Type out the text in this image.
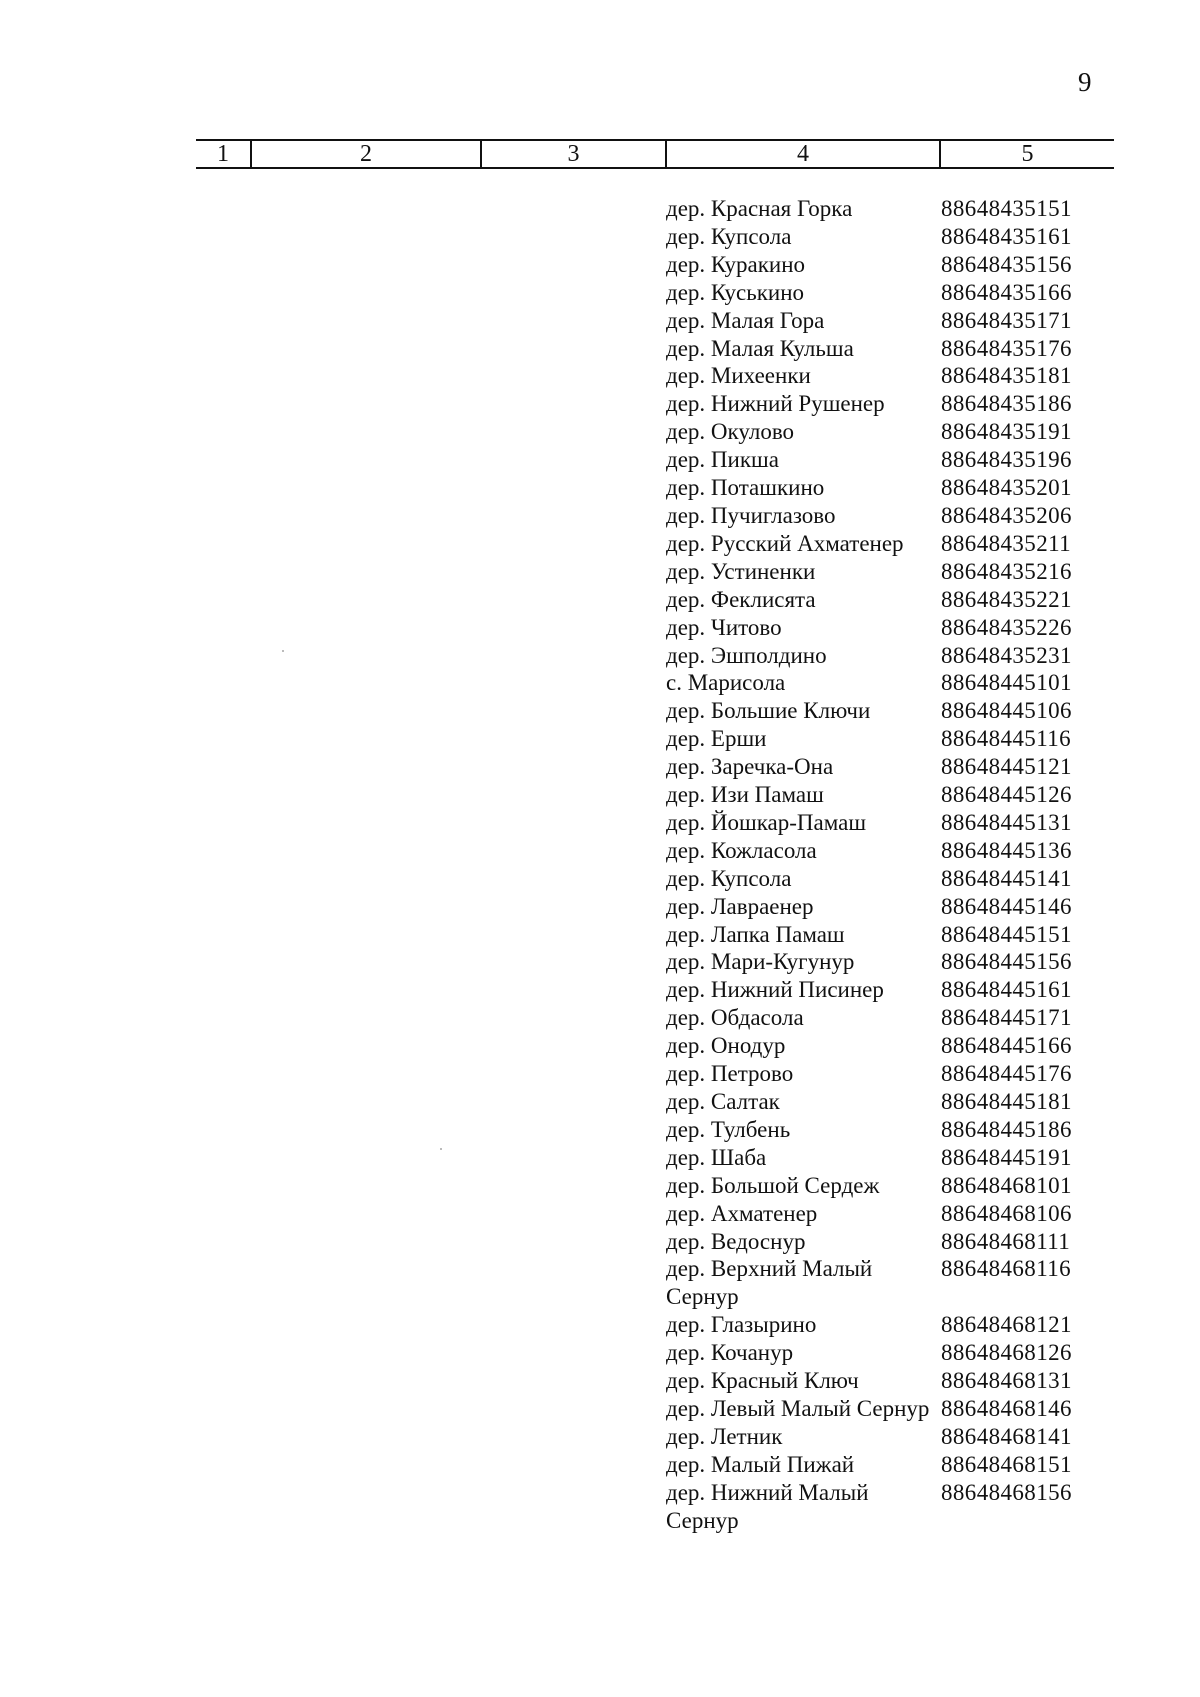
9
1	2	3	4	5
дер. Красная Горка	88648435151
дер. Купсола	88648435161
дер. Куракино	88648435156
дер. Куськино	88648435166
дер. Малая Гора	88648435171
дер. Малая Кульша	88648435176
дер. Михеенки	88648435181
дер. Нижний Рушенер	88648435186
дер. Окулово	88648435191
дер. Пикша	88648435196
дер. Поташкино	88648435201
дер. Пучиглазово	88648435206
дер. Русский Ахматенер	88648435211
дер. Устиненки	88648435216
дер. Феклисята	88648435221
дер. Читово	88648435226
дер. Эшполдино	88648435231
с. Марисола	88648445101
дер. Большие Ключи	88648445106
дер. Ерши	88648445116
дер. Заречка-Она	88648445121
дер. Изи Памаш	88648445126
дер. Йошкар-Памаш	88648445131
дер. Кожласола	88648445136
дер. Купсола	88648445141
дер. Лавраенер	88648445146
дер. Лапка Памаш	88648445151
дер. Мари-Кугунур	88648445156
дер. Нижний Писинер	88648445161
дер. Обдасола	88648445171
дер. Онодур	88648445166
дер. Петрово	88648445176
дер. Салтак	88648445181
дер. Тулбень	88648445186
дер. Шаба	88648445191
дер. Большой Сердеж	88648468101
дер. Ахматенер	88648468106
дер. Ведоснур	88648468111
дер. Верхний Малый Сернур
88648468116
дер. Глазырино	88648468121
дер. Кочанур	88648468126
дер. Красный Ключ	88648468131
дер. Левый Малый Сернур 88648468146
дер. Летник	88648468141
дер. Малый Пижай	88648468151
дер. Нижний Малый Сернур
88648468156
